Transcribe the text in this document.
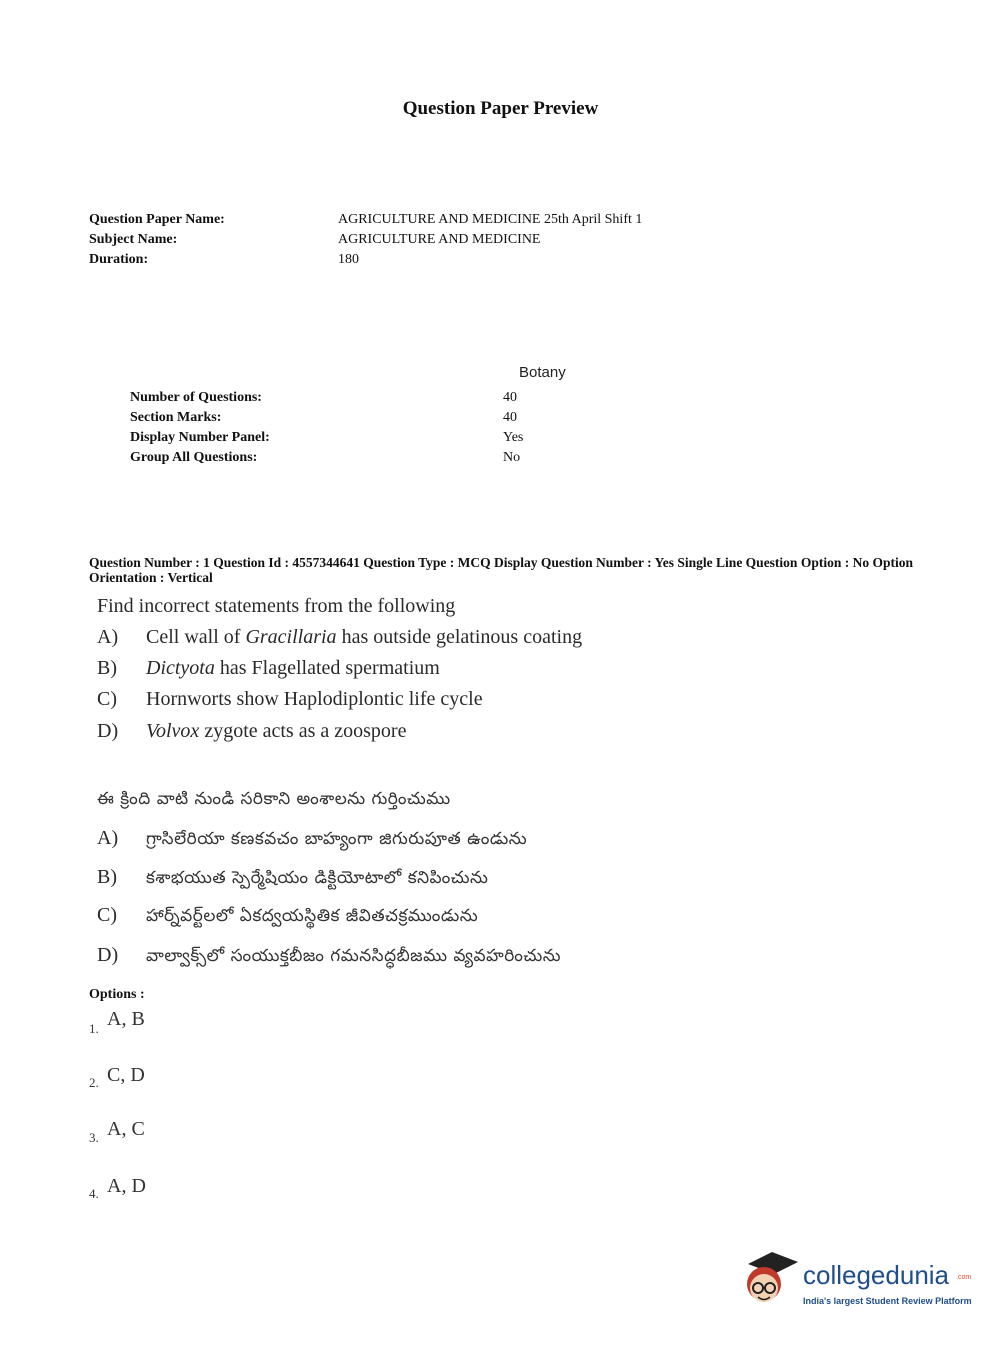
Question Paper Preview
Question Paper Name:	AGRICULTURE AND MEDICINE 25th April Shift 1
Subject Name:	AGRICULTURE AND MEDICINE
Duration:	180
Botany
Number of Questions:	40
Section Marks:	40
Display Number Panel:	Yes
Group All Questions:	No
Question Number : 1 Question Id : 4557344641 Question Type : MCQ Display Question Number : Yes Single Line Question Option : No Option Orientation : Vertical
Find incorrect statements from the following
A) Cell wall of Gracillaria has outside gelatinous coating
B) Dictyota has Flagellated spermatium
C) Hornworts show Haplodiplontic life cycle
D) Volvox zygote acts as a zoospore
ఈ క్రింది వాటి నుండి సరికాని అంశాలను గుర్తించుము
A) గ్రాసిలేరియా కణకవచం బాహ్యంగా జిగురుపూత ఉండును
B) కశాభయుత స్పెర్మేషియం డిక్టియోటాలో కనిపించును
C) హార్న్‌వర్ట్‌లలో ఏకద్వయస్థితిక జీవితచక్రముండును
D) వాల్వాక్స్‌లో సంయుక్తబీజం గమనసిద్ధబీజము వ్యవహరించును
Options :
1. A, B
2. C, D
3. A, C
4. A, D
collegedunia .com
India's largest Student Review Platform
